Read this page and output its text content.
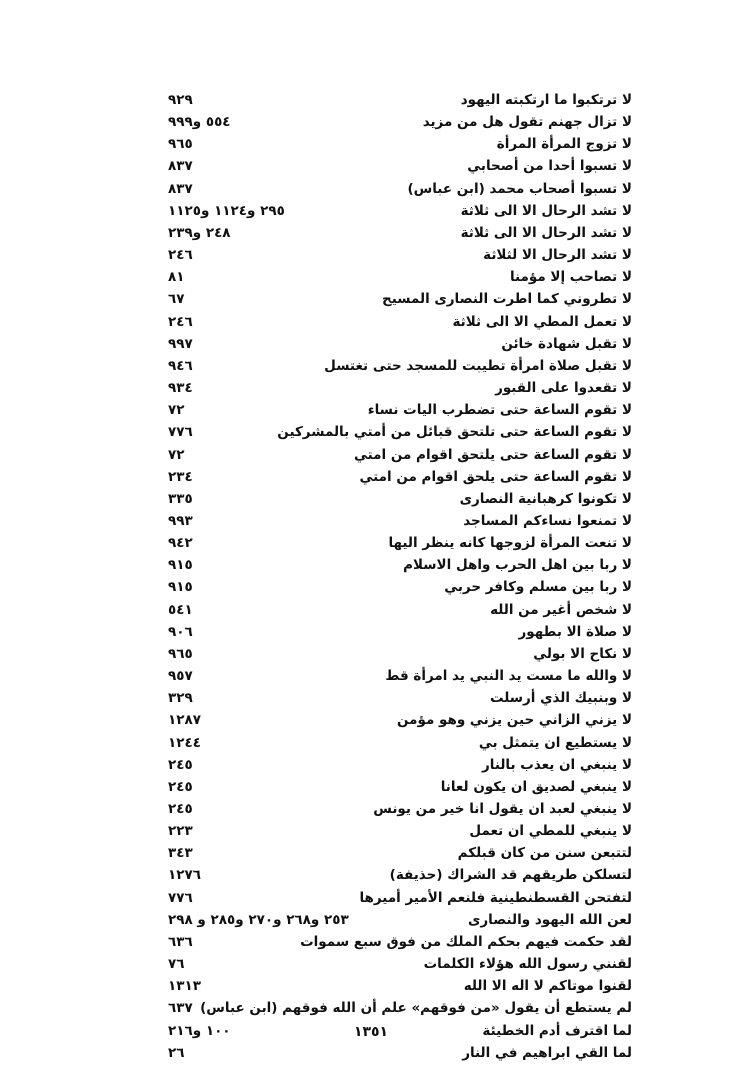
لا ترتكبوا ما ارتكبته اليهود
٩٢٩
لا تزال جهنم تقول هل من مزيد
٥٥٤ و٩٩٩
لا تزوج المرأة المرأة
٩٦٥
لا تسبوا أحدا من أصحابي
٨٣٧
لا تسبوا أصحاب محمد (ابن عباس)
٨٣٧
لا تشد الرحال الا الى ثلاثة
٢٩٥ و١١٢٤ و١١٢٥
لا تشد الرحال الا الى ثلاثة
٢٤٨ و٢٣٩
لا تشد الرحال الا لثلاثة
٢٤٦
لا تصاحب إلا مؤمنا
٨١
لا تطروني كما اطرت النصارى المسيح
٦٧
لا تعمل المطي الا الى ثلاثة
٢٤٦
لا تقبل شهادة خائن
٩٩٧
لا تقبل صلاة امرأة تطيبت للمسجد حتى تغتسل
٩٤٦
لا تقعدوا على القبور
٩٣٤
لا تقوم الساعة حتى تضطرب اليات نساء
٧٢
لا تقوم الساعة حتى تلتحق قبائل من أمتي بالمشركين
٧٧٦
لا تقوم الساعة حتى يلتحق اقوام من امتي
٧٢
لا تقوم الساعة حتى يلحق اقوام من امتي
٢٣٤
لا تكونوا كرهبانية النصارى
٣٣٥
لا تمنعوا نساءكم المساجد
٩٩٣
لا تنعت المرأة لزوجها كانه ينظر اليها
٩٤٢
لا ربا بين اهل الحرب واهل الاسلام
٩١٥
لا ربا بين مسلم وكافر حربي
٩١٥
لا شخص أغير من الله
٥٤١
لا صلاة الا بطهور
٩٠٦
لا نكاح الا بولي
٩٦٥
لا والله ما مست يد النبي يد امرأة قط
٩٥٧
لا وبنبيك الذي أرسلت
٣٢٩
لا يزني الزاني حين يزني وهو مؤمن
١٢٨٧
لا يستطيع ان يتمثل بي
١٢٤٤
لا ينبغي ان يعذب بالنار
٢٤٥
لا ينبغي لصديق ان يكون لعانا
٢٤٥
لا ينبغي لعبد ان يقول انا خير من يونس
٢٤٥
لا ينبغي للمطي ان تعمل
٢٢٣
لتتبعن سنن من كان قبلكم
٣٤٣
لتسلكن طريقهم قد الشراك (حذيفة)
١٢٧٦
لتفتحن القسطنطينية فلنعم الأمير أميرها
٧٧٦
لعن الله اليهود والنصارى
٢٥٣ و٢٦٨ و٢٧٠ و٢٨٥ و ٢٩٨
لقد حكمت فيهم بحكم الملك من فوق سبع سموات
٦٣٦
لقنني رسول الله هؤلاء الكلمات
٧٦
لقنوا موتاكم لا اله الا الله
١٣١٣
لم يستطع أن يقول «من فوقهم» علم أن الله فوقهم (ابن عباس)
٦٣٧
لما اقترف أدم الخطيئة
١٠٠ و٢١٦
لما القي ابراهيم في النار
٢٦
١٣٥١
